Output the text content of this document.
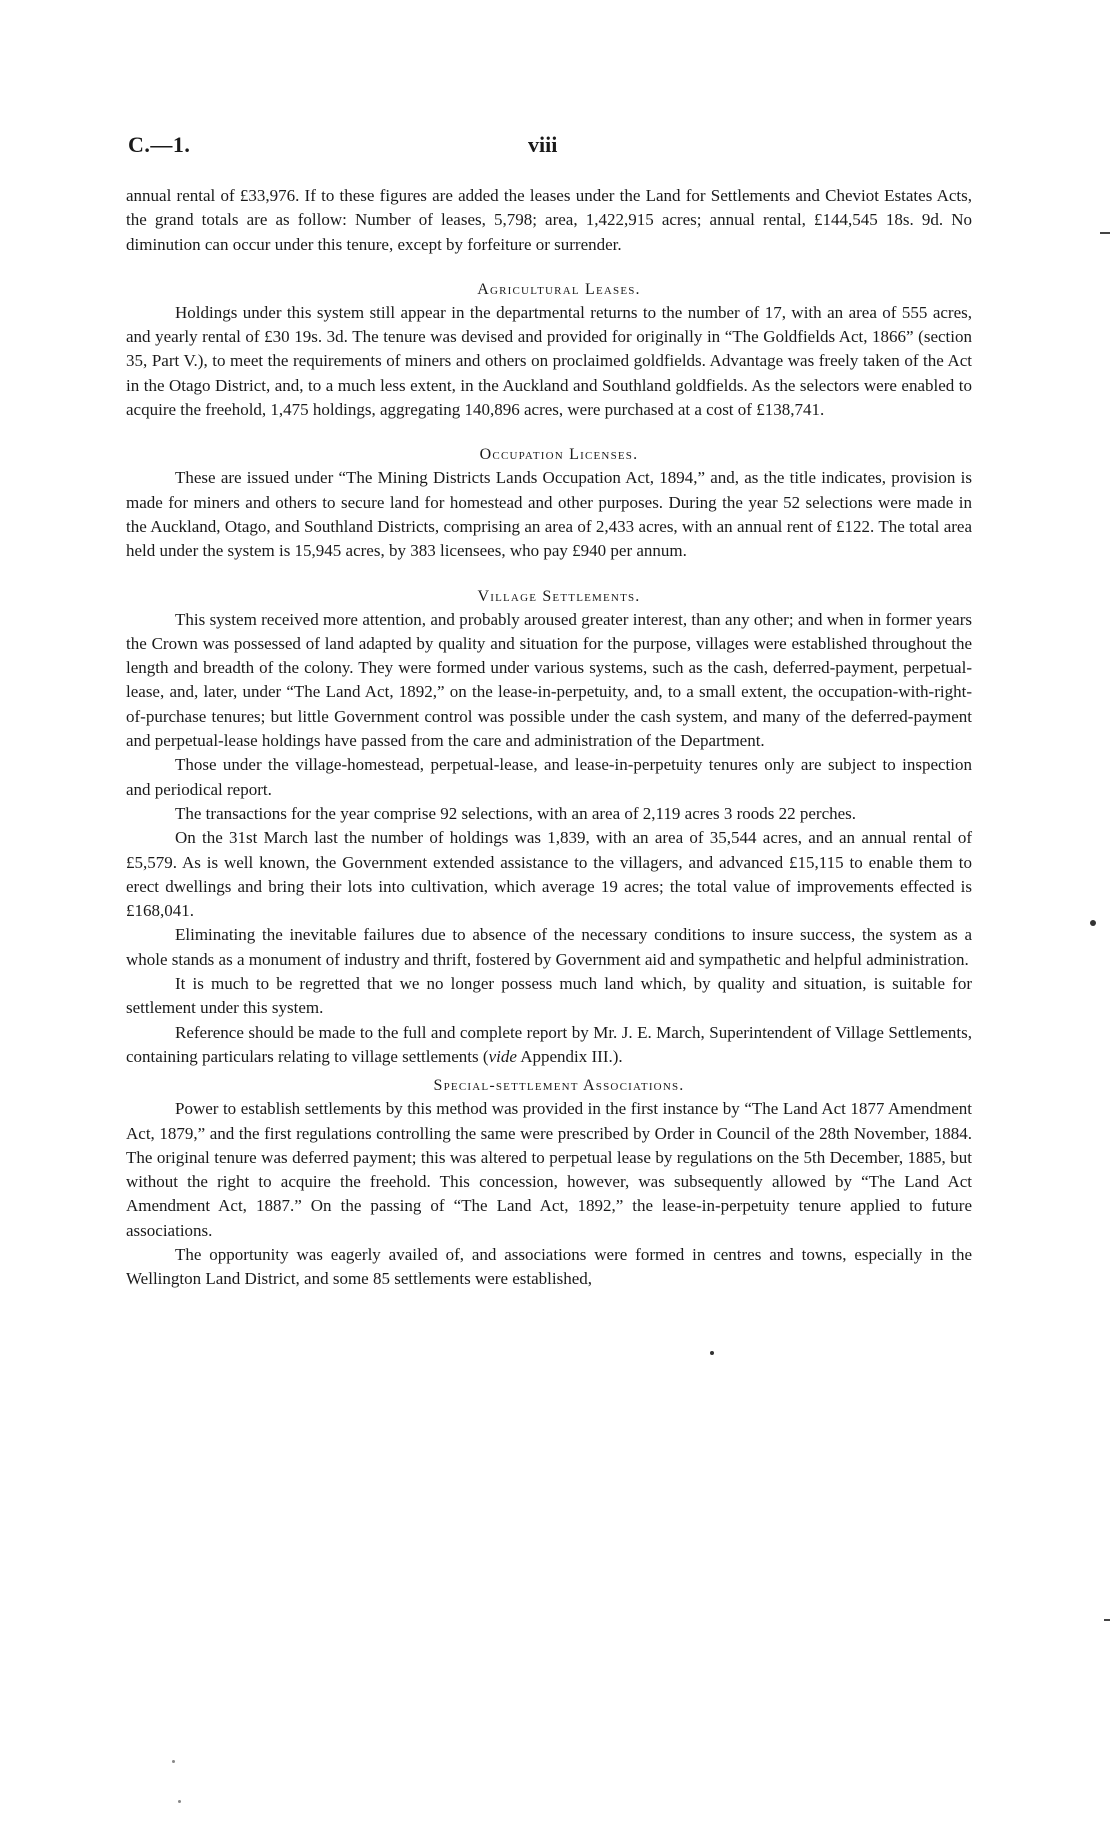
C.—1.	viii

annual rental of £33,976. If to these figures are added the leases under the Land for Settlements and Cheviot Estates Acts, the grand totals are as follow: Number of leases, 5,798; area, 1,422,915 acres; annual rental, £144,545 18s. 9d. No diminution can occur under this tenure, except by forfeiture or surrender.

Agricultural Leases.

Holdings under this system still appear in the departmental returns to the number of 17, with an area of 555 acres, and yearly rental of £30 19s. 3d. The tenure was devised and provided for originally in “The Goldfields Act, 1866” (section 35, Part V.), to meet the requirements of miners and others on proclaimed goldfields. Advantage was freely taken of the Act in the Otago District, and, to a much less extent, in the Auckland and Southland goldfields. As the selectors were enabled to acquire the freehold, 1,475 holdings, aggregating 140,896 acres, were purchased at a cost of £138,741.

Occupation Licenses.

These are issued under “The Mining Districts Lands Occupation Act, 1894,” and, as the title indicates, provision is made for miners and others to secure land for homestead and other purposes. During the year 52 selections were made in the Auckland, Otago, and Southland Districts, comprising an area of 2,433 acres, with an annual rent of £122. The total area held under the system is 15,945 acres, by 383 licensees, who pay £940 per annum.

Village Settlements.

This system received more attention, and probably aroused greater interest, than any other; and when in former years the Crown was possessed of land adapted by quality and situation for the purpose, villages were established throughout the length and breadth of the colony. They were formed under various systems, such as the cash, deferred-payment, perpetual-lease, and, later, under “The Land Act, 1892,” on the lease-in-perpetuity, and, to a small extent, the occupation-with-right-of-purchase tenures; but little Government control was possible under the cash system, and many of the deferred-payment and perpetual-lease holdings have passed from the care and administration of the Department.

Those under the village-homestead, perpetual-lease, and lease-in-perpetuity tenures only are subject to inspection and periodical report.

The transactions for the year comprise 92 selections, with an area of 2,119 acres 3 roods 22 perches.

On the 31st March last the number of holdings was 1,839, with an area of 35,544 acres, and an annual rental of £5,579. As is well known, the Government extended assistance to the villagers, and advanced £15,115 to enable them to erect dwellings and bring their lots into cultivation, which average 19 acres; the total value of improvements effected is £168,041.

Eliminating the inevitable failures due to absence of the necessary conditions to insure success, the system as a whole stands as a monument of industry and thrift, fostered by Government aid and sympathetic and helpful administration.

It is much to be regretted that we no longer possess much land which, by quality and situation, is suitable for settlement under this system.

Reference should be made to the full and complete report by Mr. J. E. March, Superintendent of Village Settlements, containing particulars relating to village settlements (vide Appendix III.).

Special-settlement Associations.

Power to establish settlements by this method was provided in the first instance by “The Land Act 1877 Amendment Act, 1879,” and the first regulations controlling the same were prescribed by Order in Council of the 28th November, 1884. The original tenure was deferred payment; this was altered to perpetual lease by regulations on the 5th December, 1885, but without the right to acquire the freehold. This concession, however, was subsequently allowed by “The Land Act Amendment Act, 1887.” On the passing of “The Land Act, 1892,” the lease-in-perpetuity tenure applied to future associations.

The opportunity was eagerly availed of, and associations were formed in centres and towns, especially in the Wellington Land District, and some 85 settlements were established,
